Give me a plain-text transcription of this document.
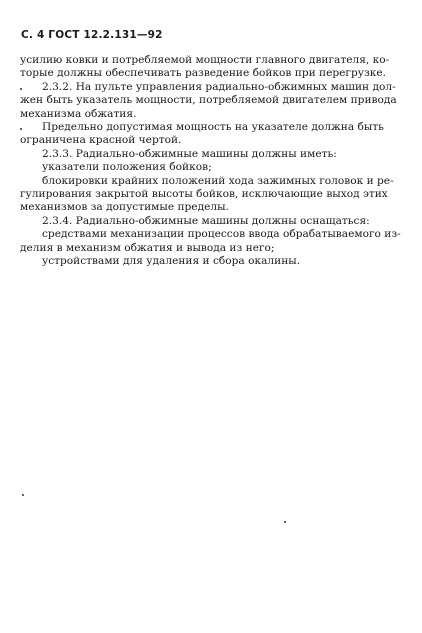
С. 4 ГОСТ 12.2.131—92
усилию ковки и потребляемой мощности главного двигателя, ко-
торые должны обеспечивать разведение бойков при перегрузке.
2.3.2. На пульте управления радиально-обжимных машин дол-
жен быть указатель мощности, потребляемой двигателем привода
механизма обжатия.
Предельно допустимая мощность на указателе должна быть
ограничена красной чертой.
2.3.3. Радиально-обжимные машины должны иметь:
указатели положения бойков;
блокировки крайних положений хода зажимных головок и ре-
гулирования закрытой высоты бойков, исключающие выход этих
механизмов за допустимые пределы.
2.3.4. Радиально-обжимные машины должны оснащаться:
средствами механизации процессов ввода обрабатываемого из-
делия в механизм обжатия и вывода из него;
устройствами для удаления и сбора окалины.
